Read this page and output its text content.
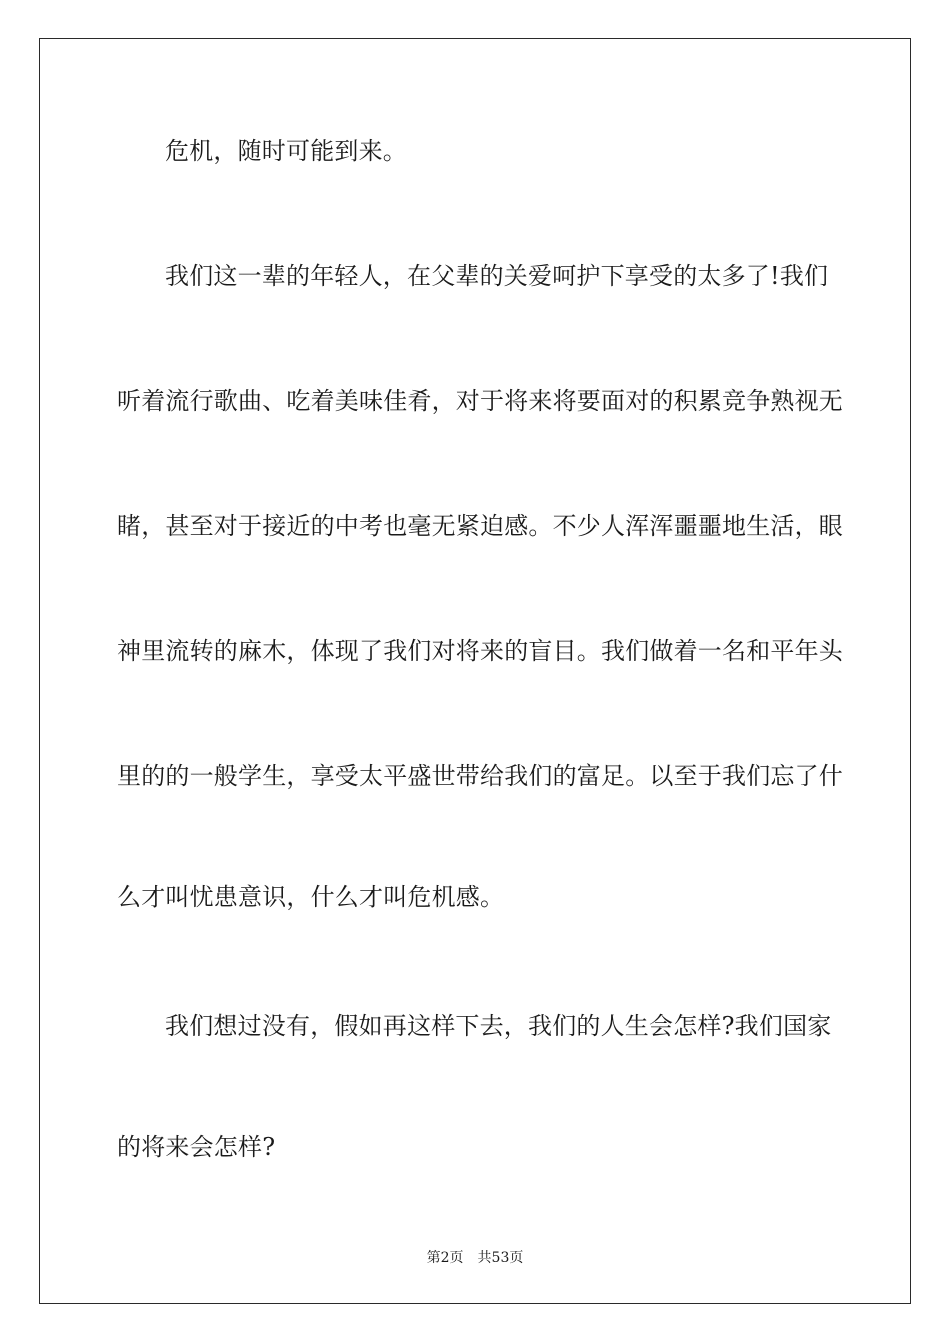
危机，随时可能到来。
我们这一辈的年轻人，在父辈的关爱呵护下享受的太多了!我们
听着流行歌曲、吃着美味佳肴，对于将来将要面对的积累竞争熟视无
睹，甚至对于接近的中考也毫无紧迫感。不少人浑浑噩噩地生活，眼
神里流转的麻木，体现了我们对将来的盲目。我们做着一名和平年头
里的的一般学生，享受太平盛世带给我们的富足。以至于我们忘了什
么才叫忧患意识，什么才叫危机感。
我们想过没有，假如再这样下去，我们的人生会怎样?我们国家
的将来会怎样?
第2页 共53页
